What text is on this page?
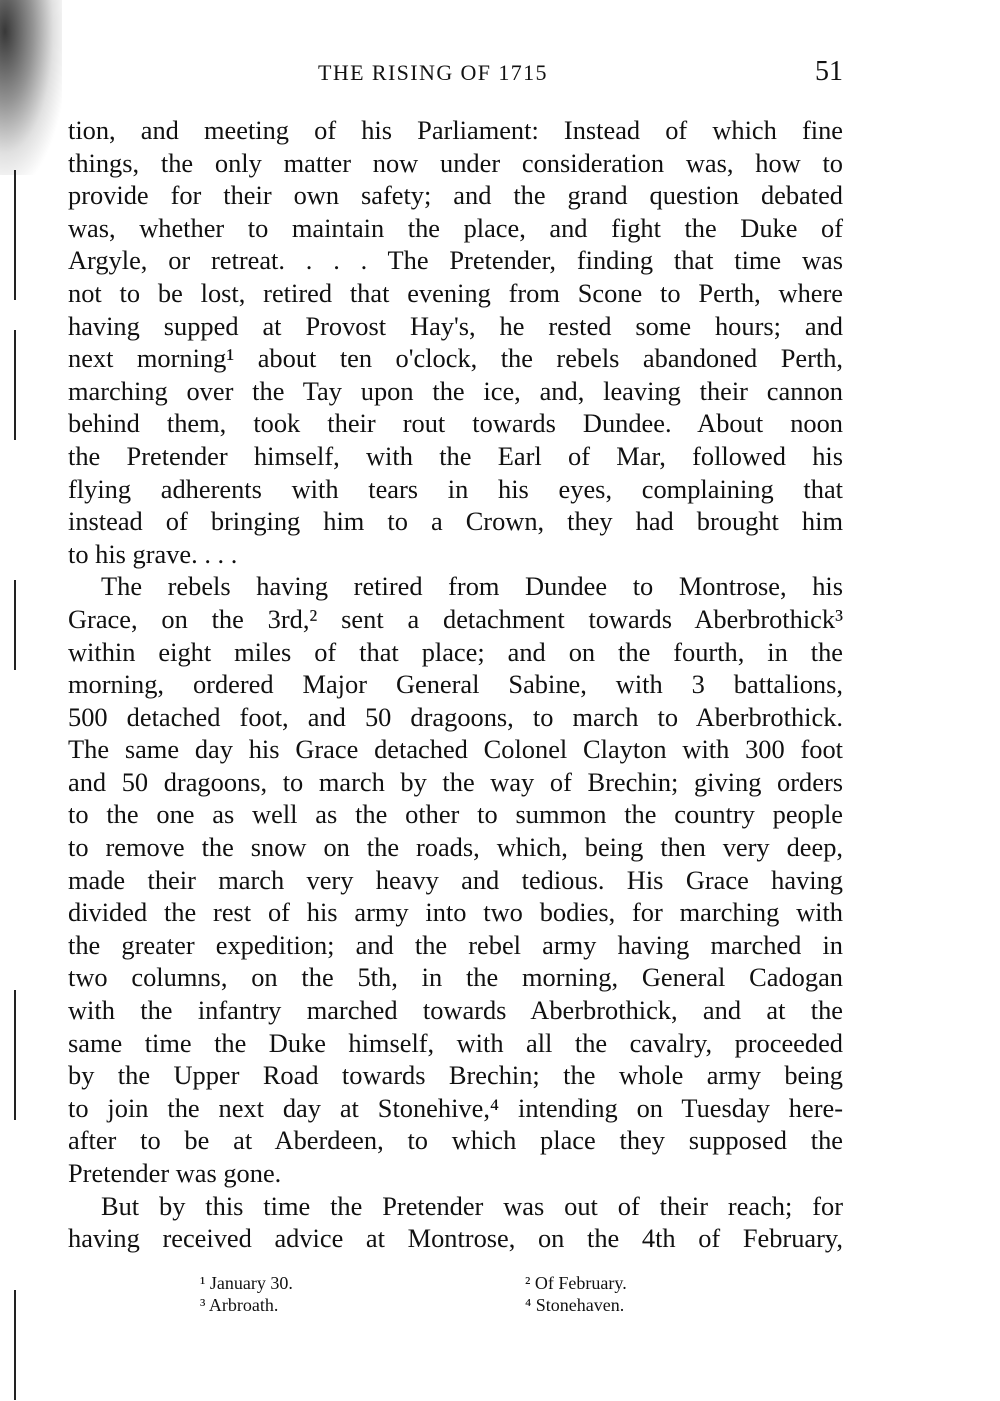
THE RISING OF 1715	51
tion, and meeting of his Parliament: Instead of which fine
things, the only matter now under consideration was, how to
provide for their own safety; and the grand question debated
was, whether to maintain the place, and fight the Duke of
Argyle, or retreat. . . . The Pretender, finding that time was
not to be lost, retired that evening from Scone to Perth, where
having supped at Provost Hay's, he rested some hours; and
next morning¹ about ten o'clock, the rebels abandoned Perth,
marching over the Tay upon the ice, and, leaving their cannon
behind them, took their rout towards Dundee. About noon
the Pretender himself, with the Earl of Mar, followed his
flying adherents with tears in his eyes, complaining that
instead of bringing him to a Crown, they had brought him
to his grave. . . .
The rebels having retired from Dundee to Montrose, his
Grace, on the 3rd,² sent a detachment towards Aberbrothick³
within eight miles of that place; and on the fourth, in the
morning, ordered Major General Sabine, with 3 battalions,
500 detached foot, and 50 dragoons, to march to Aberbrothick.
The same day his Grace detached Colonel Clayton with 300 foot
and 50 dragoons, to march by the way of Brechin; giving orders
to the one as well as the other to summon the country people
to remove the snow on the roads, which, being then very deep,
made their march very heavy and tedious. His Grace having
divided the rest of his army into two bodies, for marching with
the greater expedition; and the rebel army having marched in
two columns, on the 5th, in the morning, General Cadogan
with the infantry marched towards Aberbrothick, and at the
same time the Duke himself, with all the cavalry, proceeded
by the Upper Road towards Brechin; the whole army being
to join the next day at Stonehive,⁴ intending on Tuesday here-
after to be at Aberdeen, to which place they supposed the
Pretender was gone.
But by this time the Pretender was out of their reach; for
having received advice at Montrose, on the 4th of February,
¹ January 30.	² Of February.
³ Arbroath.	⁴ Stonehaven.
